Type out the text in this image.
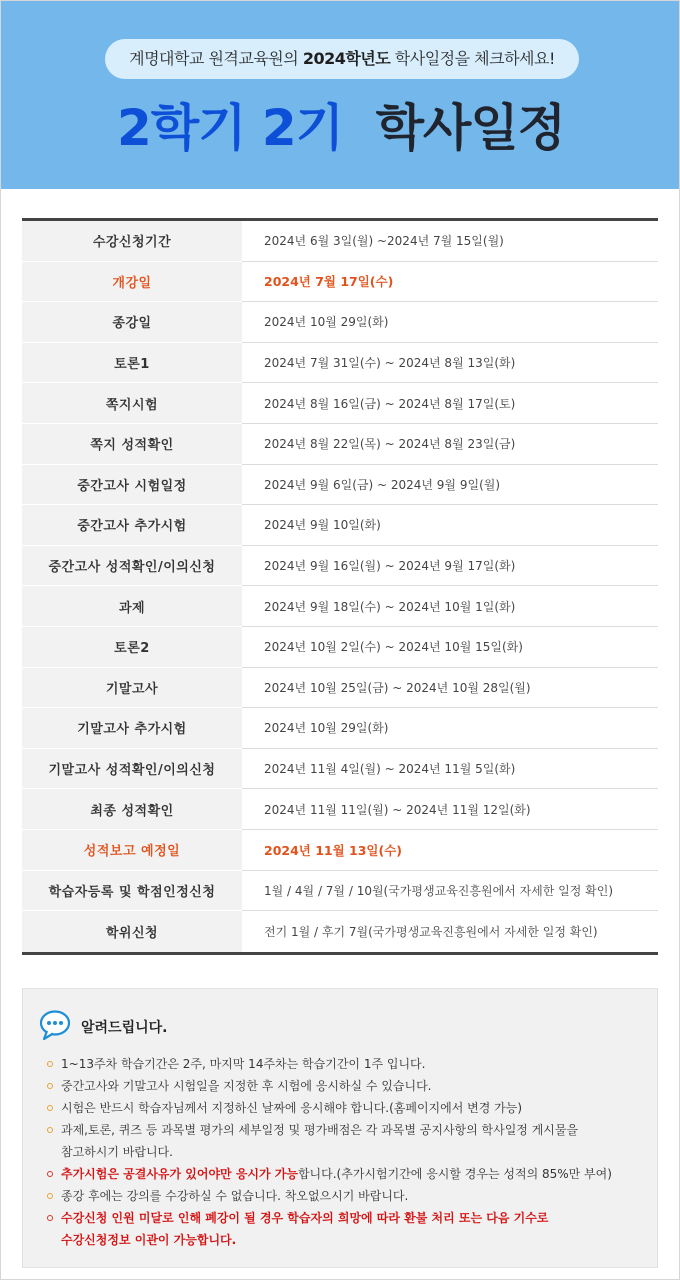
계명대학교 원격교육원의 2024학년도 학사일정을 체크하세요!
2학기 2기 학사일정
수강신청기간	2024년 6월 3일(월) ~2024년 7월 15일(월)
개강일	2024년 7월 17일(수)
종강일	2024년 10월 29일(화)
토론1	2024년 7월 31일(수) ~ 2024년 8월 13일(화)
쪽지시험	2024년 8월 16일(금) ~ 2024년 8월 17일(토)
쪽지 성적확인	2024년 8월 22일(목) ~ 2024년 8월 23일(금)
중간고사 시험일정	2024년 9월 6일(금) ~ 2024년 9월 9일(월)
중간고사 추가시험	2024년 9월 10일(화)
중간고사 성적확인/이의신청	2024년 9월 16일(월) ~ 2024년 9월 17일(화)
과제	2024년 9월 18일(수) ~ 2024년 10월 1일(화)
토론2	2024년 10월 2일(수) ~ 2024년 10월 15일(화)
기말고사	2024년 10월 25일(금) ~ 2024년 10월 28일(월)
기말고사 추가시험	2024년 10월 29일(화)
기말고사 성적확인/이의신청	2024년 11월 4일(월) ~ 2024년 11월 5일(화)
최종 성적확인	2024년 11월 11일(월) ~ 2024년 11월 12일(화)
성적보고 예정일	2024년 11월 13일(수)
학습자등록 및 학점인정신청	1월 / 4월 / 7월 / 10월(국가평생교육진흥원에서 자세한 일정 확인)
학위신청	전기 1월 / 후기 7월(국가평생교육진흥원에서 자세한 일정 확인)
알려드립니다.
1~13주차 학습기간은 2주, 마지막 14주차는 학습기간이 1주 입니다.
중간고사와 기말고사 시험일을 지정한 후 시험에 응시하실 수 있습니다.
시험은 반드시 학습자님께서 지정하신 날짜에 응시해야 합니다.(홈페이지에서 변경 가능)
과제,토론, 퀴즈 등 과목별 평가의 세부일정 및 평가배점은 각 과목별 공지사항의 학사일정 게시물을
참고하시기 바랍니다.
추가시험은 공결사유가 있어야만 응시가 가능합니다.(추가시험기간에 응시할 경우는 성적의 85%만 부여)
종강 후에는 강의를 수강하실 수 없습니다. 착오없으시기 바랍니다.
수강신청 인원 미달로 인해 폐강이 될 경우 학습자의 희망에 따라 환불 처리 또는 다음 기수로
수강신청정보 이관이 가능합니다.
